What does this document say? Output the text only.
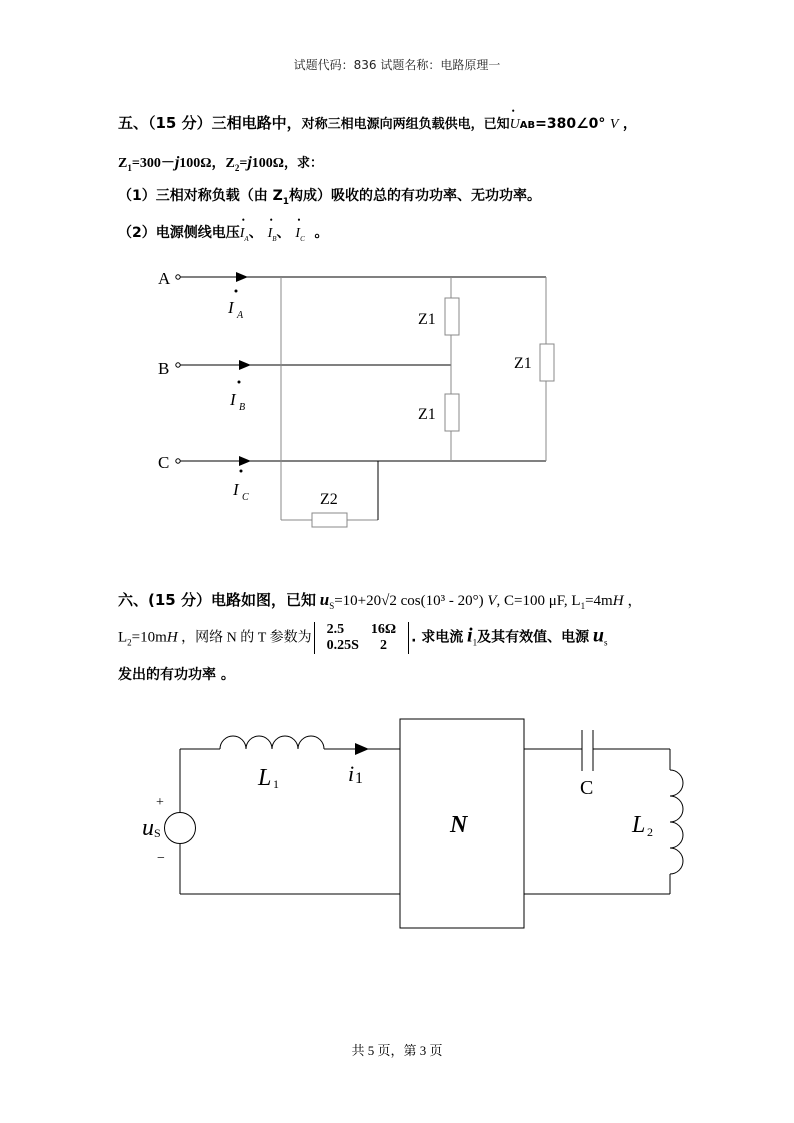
试题代码：836 试题名称：电路原理一
五、（15 分）三相电路中，对称三相电源向两组负载供电，已知• UAB=380∠0° V ，
$Z_1=300-j100\Omega$，$Z_2=j100\Omega$，求：
（1）三相对称负载（由 $Z_1$构成）吸收的总的有功功率、无功功率。
（2）电源侧线电压• $I_A$、 • $I_B$、 • $I_C$ 。
A
B
C
I A
I B
I C
Z1
Z1
Z1
Z2
+
−
u S
L 1	i 1
N
C
L 2
六、(15 分）电路如图，已知 $u_S=10+20√2$ cos(10³ - 20°) V, C=100 μF, $L_1=4mH$ ，
$L_2=10mH$ ，网络 N 的 T 参数为
2.5	16Ω
0.25S	2
. 求电流 $i_1$及其有效值、电源 $u_s$
发出的有功功率 。
共 5 页，第 3 页
